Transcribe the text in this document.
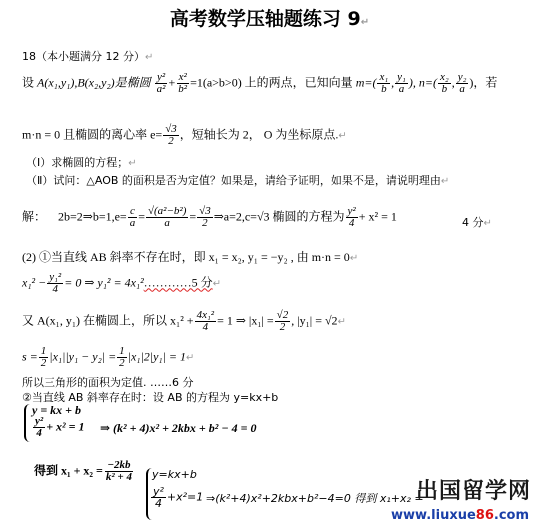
高考数学压轴题练习 9↵
18（本小题满分 12 分）↵
设 A(x₁,y₁),B(x₂,y₂)是椭圆 $\frac{\text{y²}}{\text{a²}} + \frac{\text{x²}}{\text{b²}} =1(a>b>0)$ 上的两点，已知向量 $m=( \frac{\text{x₁}}{b}$ , $\frac{\text{y₁}}{a}$ ), $n=( \frac{\text{x₂}}{b}$ , $\frac{\text{y₂}}{a}$ )，若
m·n = 0 且椭圆的离心率 $e= \frac{√3}{2}$ ，短轴长为 2， O 为坐标原点.↵
（Ⅰ）求椭圆的方程；↵
（Ⅱ）试问：△AOB 的面积是否为定值？如果是，请给予证明，如果不是，请说明理由↵
解： 2b=2⇒b=1,e= $\frac{c}{a} = \frac{\text{√(a²−b²)}}{a} = \frac{√3}{2}$ ⇒a=2,c=√3 椭圆的方程为 $\frac{\text{y²}}{4} + x^2 = 1$	4 分↵
(2) ①当直线 AB 斜率不存在时，即 x₁ = x₂, y₁ = −y₂ , 由 m·n = 0↵
$x_1^2 - \frac{\text{y₁²}}{4} = 0$ ⇒ y₁² = 4x₁²…………5 分↵
又 A(x₁, y₁) 在椭圆上，所以 $x_1^2 + \frac{\text{4x₁²}}{4} = 1$ ⇒ $|x_1| = \frac{√2}{2}$ , |y₁| = √2↵
$s = \frac{1}{2} |x_1||y_1 - y_2| = \frac{1}{2} |x_1|2|y_1|$ = 1↵
所以三角形的面积为定值. ……6 分
②当直线 AB 斜率存在时：设 AB 的方程为 y=kx+b
y = kx + b
$\frac{\text{y²}}{4} + x^2 = 1$ ⇒ (k² + 4)x² + 2kbx + b² − 4 = 0
得到 $x_1 + x_2 = \frac{-2kb}{\text{k² + 4}} y=kx+b$
$\frac{\text{y²}}{4} +x^2=1$ ⇒(k²+4)x²+2kbx+b²−4=0 得到 x₁+x₂ =
出国留学网
www.liuxue86.com
